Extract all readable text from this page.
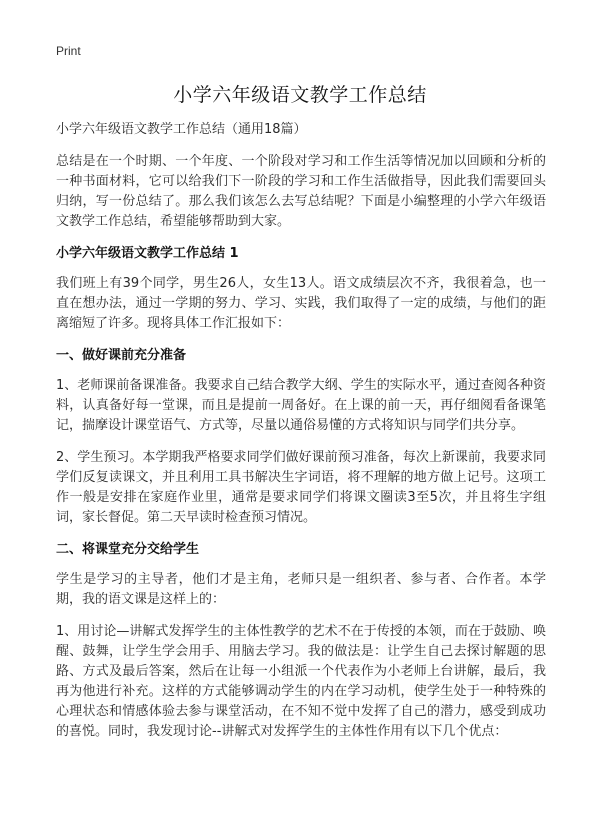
Print
小学六年级语文教学工作总结

小学六年级语文教学工作总结（通用18篇）

总结是在一个时期、一个年度、一个阶段对学习和工作生活等情况加以回顾和分析的一种书面材料，它可以给我们下一阶段的学习和工作生活做指导，因此我们需要回头归纳，写一份总结了。那么我们该怎么去写总结呢？下面是小编整理的小学六年级语文教学工作总结，希望能够帮助到大家。

小学六年级语文教学工作总结 1

我们班上有39个同学，男生26人，女生13人。语文成绩层次不齐，我很着急，也一直在想办法，通过一学期的努力、学习、实践，我们取得了一定的成绩，与他们的距离缩短了许多。现将具体工作汇报如下：

一、做好课前充分准备

1、老师课前备课准备。我要求自己结合教学大纲、学生的实际水平，通过查阅各种资料，认真备好每一堂课，而且是提前一周备好。在上课的前一天，再仔细阅看备课笔记，揣摩设计课堂语气、方式等，尽量以通俗易懂的方式将知识与同学们共分享。

2、学生预习。本学期我严格要求同学们做好课前预习准备，每次上新课前，我要求同学们反复读课文，并且利用工具书解决生字词语，将不理解的地方做上记号。这项工作一般是安排在家庭作业里，通常是要求同学们将课文圈读3至5次，并且将生字组词，家长督促。第二天早读时检查预习情况。

二、将课堂充分交给学生

学生是学习的主导者，他们才是主角，老师只是一组织者、参与者、合作者。本学期，我的语文课是这样上的：

1、用讨论—讲解式发挥学生的主体性教学的艺术不在于传授的本领，而在于鼓励、唤醒、鼓舞，让学生学会用手、用脑去学习。我的做法是：让学生自己去探讨解题的思路、方式及最后答案，然后在让每一小组派一个代表作为小老师上台讲解，最后，我再为他进行补充。这样的方式能够调动学生的内在学习动机，使学生处于一种特殊的心理状态和情感体验去参与课堂活动，在不知不觉中发挥了自己的潜力，感受到成功的喜悦。同时，我发现讨论--讲解式对发挥学生的主体性作用有以下几个优点：
